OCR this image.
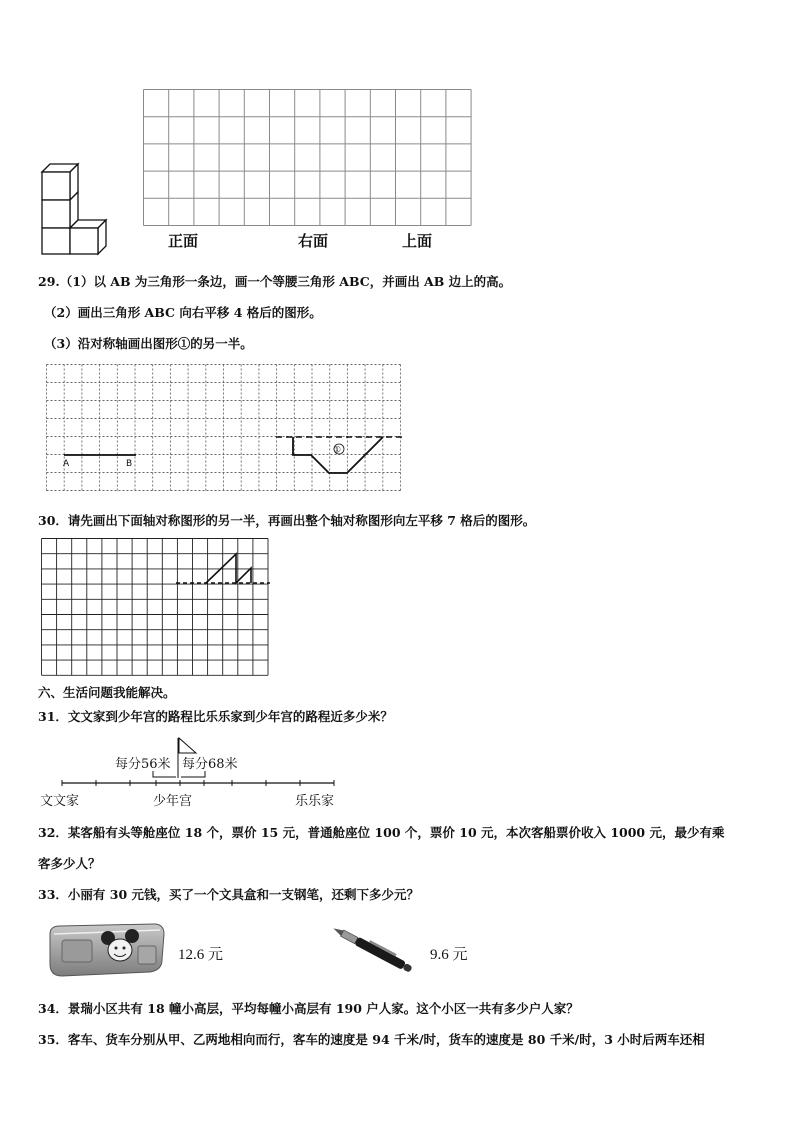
正面	右面	上面
29.（1）以 AB 为三角形一条边，画一个等腰三角形 ABC，并画出 AB 边上的高。
（2）画出三角形 ABC 向右平移 4 格后的图形。
（3）沿对称轴画出图形①的另一半。
A	B
①
30．请先画出下面轴对称图形的另一半，再画出整个轴对称图形向左平移 7 格后的图形。
六、生活问题我能解决。
31．文文家到少年宫的路程比乐乐家到少年宫的路程近多少米？
每分56米 每分68米
文文家	少年宫	乐乐家
32．某客船有头等舱座位 18 个，票价 15 元，普通舱座位 100 个，票价 10 元，本次客船票价收入 1000 元，最少有乘
客多少人？
33．小丽有 30 元钱，买了一个文具盒和一支钢笔，还剩下多少元？
12.6 元	9.6 元
34．景瑞小区共有 18 幢小高层，平均每幢小高层有 190 户人家。这个小区一共有多少户人家？
35．客车、货车分别从甲、乙两地相向而行，客车的速度是 94 千米/时，货车的速度是 80 千米/时，3 小时后两车还相
